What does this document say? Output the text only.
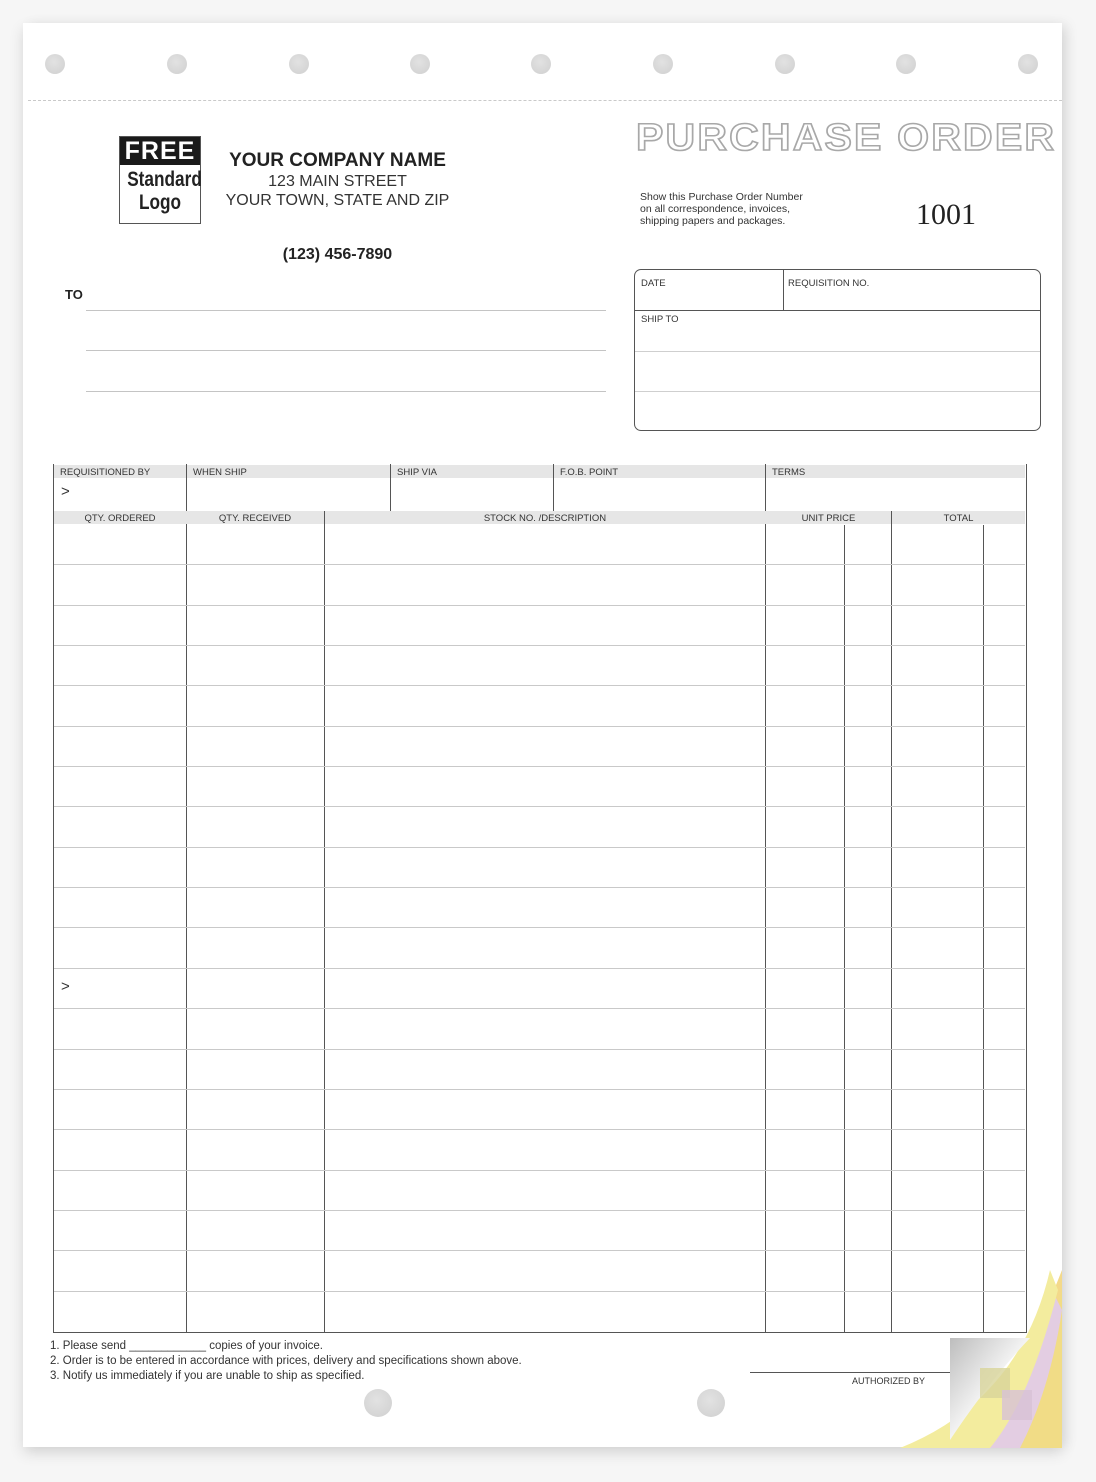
FREE
Standard
Logo
YOUR COMPANY NAME
123 MAIN STREET
YOUR TOWN, STATE AND ZIP
(123) 456-7890
PURCHASE ORDER
Show this Purchase Order Number
on all correspondence, invoices,
shipping papers and packages.	1001
TO
DATE	REQUISITION NO.
SHIP TO
REQUISITIONED BY	WHEN SHIP	SHIP VIA	F.O.B. POINT	TERMS
>
QTY. ORDERED	QTY. RECEIVED	STOCK NO. /DESCRIPTION	UNIT PRICE	TOTAL
>
1. Please send ____________ copies of your invoice.
2. Order is to be entered in accordance with prices, delivery and specifications shown above.
3. Notify us immediately if you are unable to ship as specified.	AUTHORIZED BY
